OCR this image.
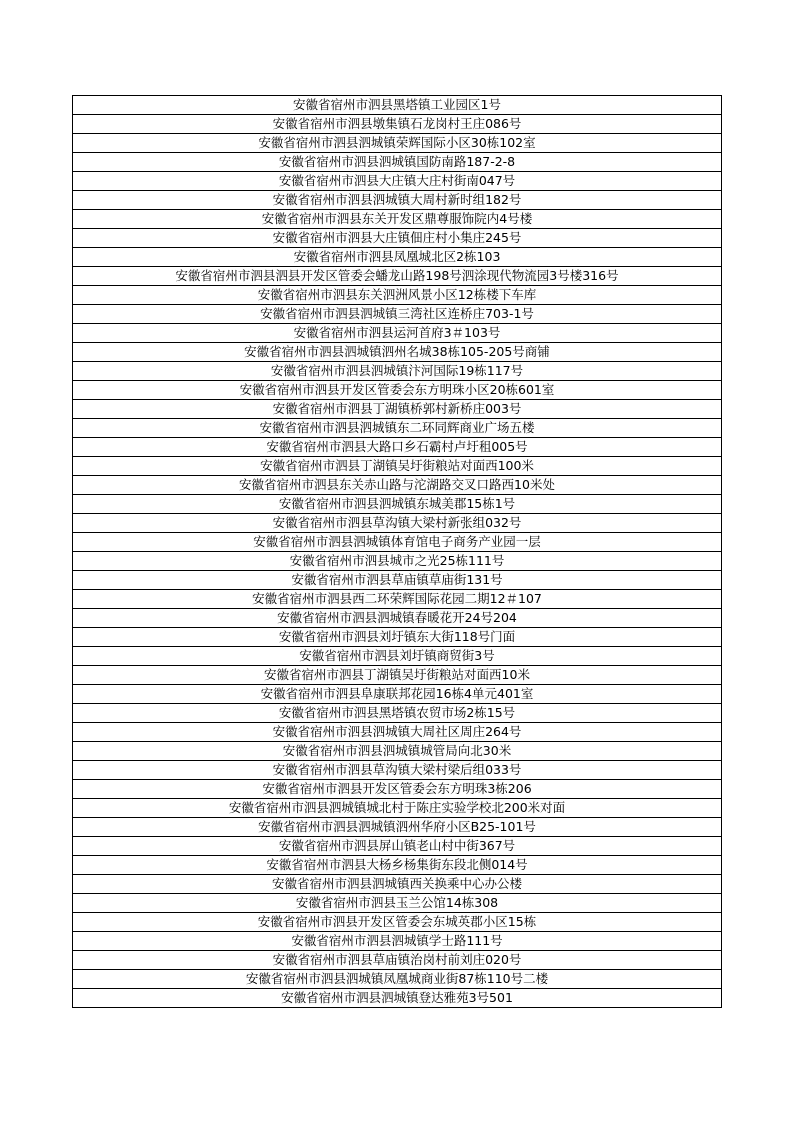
安徽省宿州市泗县黑塔镇工业园区1号
安徽省宿州市泗县墩集镇石龙岗村王庄086号
安徽省宿州市泗县泗城镇荣辉国际小区30栋102室
安徽省宿州市泗县泗城镇国防南路187-2-8
安徽省宿州市泗县大庄镇大庄村街南047号
安徽省宿州市泗县泗城镇大周村新时组182号
安徽省宿州市泗县东关开发区鼎尊服饰院内4号楼
安徽省宿州市泗县大庄镇佃庄村小集庄245号
安徽省宿州市泗县凤凰城北区2栋103
安徽省宿州市泗县泗县开发区管委会蟠龙山路198号泗涂现代物流园3号楼316号
安徽省宿州市泗县东关泗洲风景小区12栋楼下车库
安徽省宿州市泗县泗城镇三湾社区连桥庄703-1号
安徽省宿州市泗县运河首府3＃103号
安徽省宿州市泗县泗城镇泗州名城38栋105-205号商铺
安徽省宿州市泗县泗城镇汴河国际19栋117号
安徽省宿州市泗县开发区管委会东方明珠小区20栋601室
安徽省宿州市泗县丁湖镇桥郭村新桥庄003号
安徽省宿州市泗县泗城镇东二环同辉商业广场五楼
安徽省宿州市泗县大路口乡石霸村卢圩租005号
安徽省宿州市泗县丁湖镇吴圩街粮站对面西100米
安徽省宿州市泗县东关赤山路与沱湖路交叉口路西10米处
安徽省宿州市泗县泗城镇东城美郡15栋1号
安徽省宿州市泗县草沟镇大梁村新张组032号
安徽省宿州市泗县泗城镇体育馆电子商务产业园一层
安徽省宿州市泗县城市之光25栋111号
安徽省宿州市泗县草庙镇草庙街131号
安徽省宿州市泗县西二环荣辉国际花园二期12＃107
安徽省宿州市泗县泗城镇春暖花开24号204
安徽省宿州市泗县刘圩镇东大街118号门面
安徽省宿州市泗县刘圩镇商贸街3号
安徽省宿州市泗县丁湖镇吴圩街粮站对面西10米
安徽省宿州市泗县阜康联邦花园16栋4单元401室
安徽省宿州市泗县黑塔镇农贸市场2栋15号
安徽省宿州市泗县泗城镇大周社区周庄264号
安徽省宿州市泗县泗城镇城管局向北30米
安徽省宿州市泗县草沟镇大梁村梁后组033号
安徽省宿州市泗县开发区管委会东方明珠3栋206
安徽省宿州市泗县泗城镇城北村于陈庄实验学校北200米对面
安徽省宿州市泗县泗城镇泗州华府小区B25-101号
安徽省宿州市泗县屏山镇老山村中街367号
安徽省宿州市泗县大杨乡杨集街东段北侧014号
安徽省宿州市泗县泗城镇西关换乘中心办公楼
安徽省宿州市泗县玉兰公馆14栋308
安徽省宿州市泗县开发区管委会东城英郡小区15栋
安徽省宿州市泗县泗城镇学士路111号
安徽省宿州市泗县草庙镇治岗村前刘庄020号
安徽省宿州市泗县泗城镇凤凰城商业街87栋110号二楼
安徽省宿州市泗县泗城镇登达雅苑3号501
